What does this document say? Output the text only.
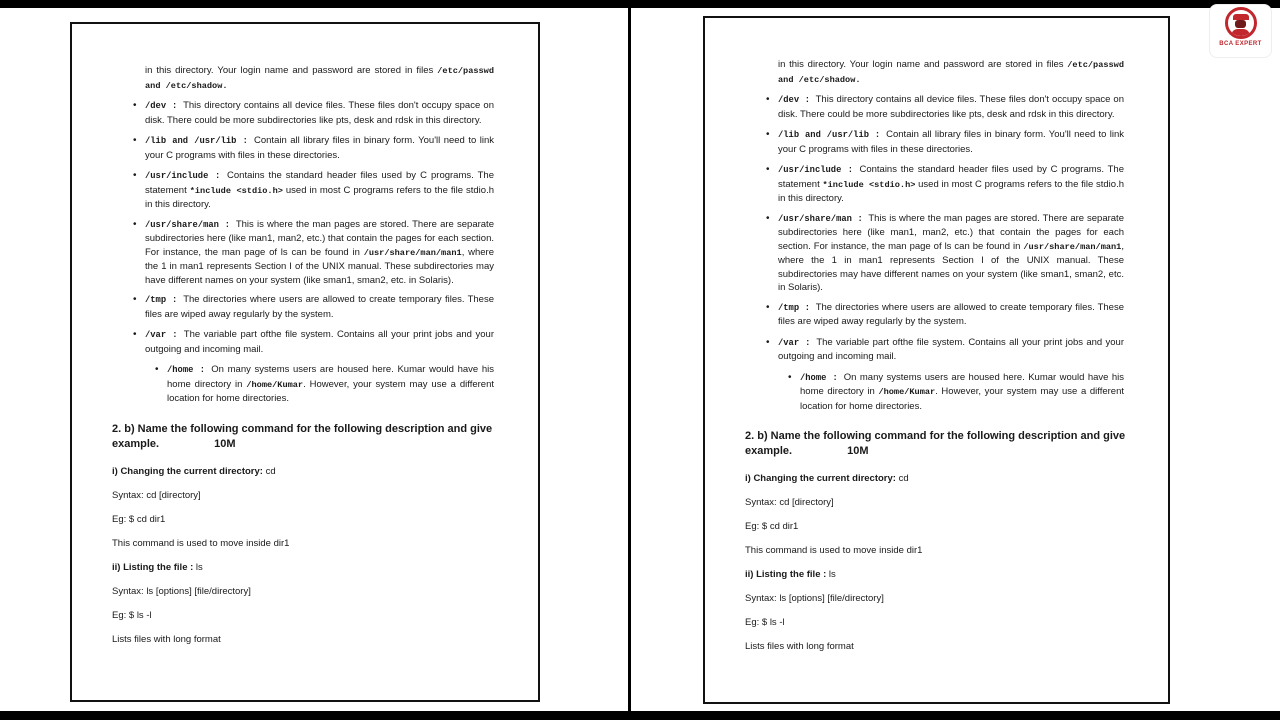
in this directory. Your login name and password are stored in files /etc/passwd and /etc/shadow.

• /dev : This directory contains all device files. These files don't occupy space on disk. There could be more subdirectories like pts, desk and rdsk in this directory.
• /lib and /usr/lib : Contain all library files in binary form. You'll need to link your C programs with files in these directories.
• /usr/include : Contains the standard header files used by C programs. The statement *include <stdio.h> used in most C programs refers to the file stdio.h in this directory.
• /usr/share/man : This is where the man pages are stored. There are separate subdirectories here (like man1, man2, etc.) that contain the pages for each section. For instance, the man page of ls can be found in /usr/share/man/man1, where the 1 in man1 represents Section I of the UNIX manual. These subdirectories may have different names on your system (like sman1, sman2, etc. in Solaris).
• /tmp : The directories where users are allowed to create temporary files. These files are wiped away regularly by the system.
• /var : The variable part ofthe file system. Contains all your print jobs and your outgoing and incoming mail.
• /home : On many systems users are housed here. Kumar would have his home directory in /home/Kumar. However, your system may use a different location for home directories.
2. b) Name the following command for the following description and give example.	10M

i) Changing the current directory: cd

Syntax: cd [directory]

Eg: $ cd dir1

This command is used to move inside dir1

ii) Listing the file : ls

Syntax: ls [options] [file/directory]

Eg: $ ls -l

Lists files with long format

in this directory. Your login name and password are stored in files /etc/passwd and /etc/shadow.

• /dev : This directory contains all device files. These files don't occupy space on disk. There could be more subdirectories like pts, desk and rdsk in this directory.
• /lib and /usr/lib : Contain all library files in binary form. You'll need to link your C programs with files in these directories.
• /usr/include : Contains the standard header files used by C programs. The statement *include <stdio.h> used in most C programs refers to the file stdio.h in this directory.
• /usr/share/man : This is where the man pages are stored. There are separate subdirectories here (like man1, man2, etc.) that contain the pages for each section. For instance, the man page of ls can be found in /usr/share/man/man1, where the 1 in man1 represents Section I of the UNIX manual. These subdirectories may have different names on your system (like sman1, sman2, etc. in Solaris).
• /tmp : The directories where users are allowed to create temporary files. These files are wiped away regularly by the system.
• /var : The variable part ofthe file system. Contains all your print jobs and your outgoing and incoming mail.
• /home : On many systems users are housed here. Kumar would have his home directory in /home/Kumar. However, your system may use a different location for home directories.
2. b) Name the following command for the following description and give example.	10M

i) Changing the current directory: cd

Syntax: cd [directory]

Eg: $ cd dir1

This command is used to move inside dir1

ii) Listing the file : ls

Syntax: ls [options] [file/directory]

Eg: $ ls -l

Lists files with long format

BCA EXPERT
